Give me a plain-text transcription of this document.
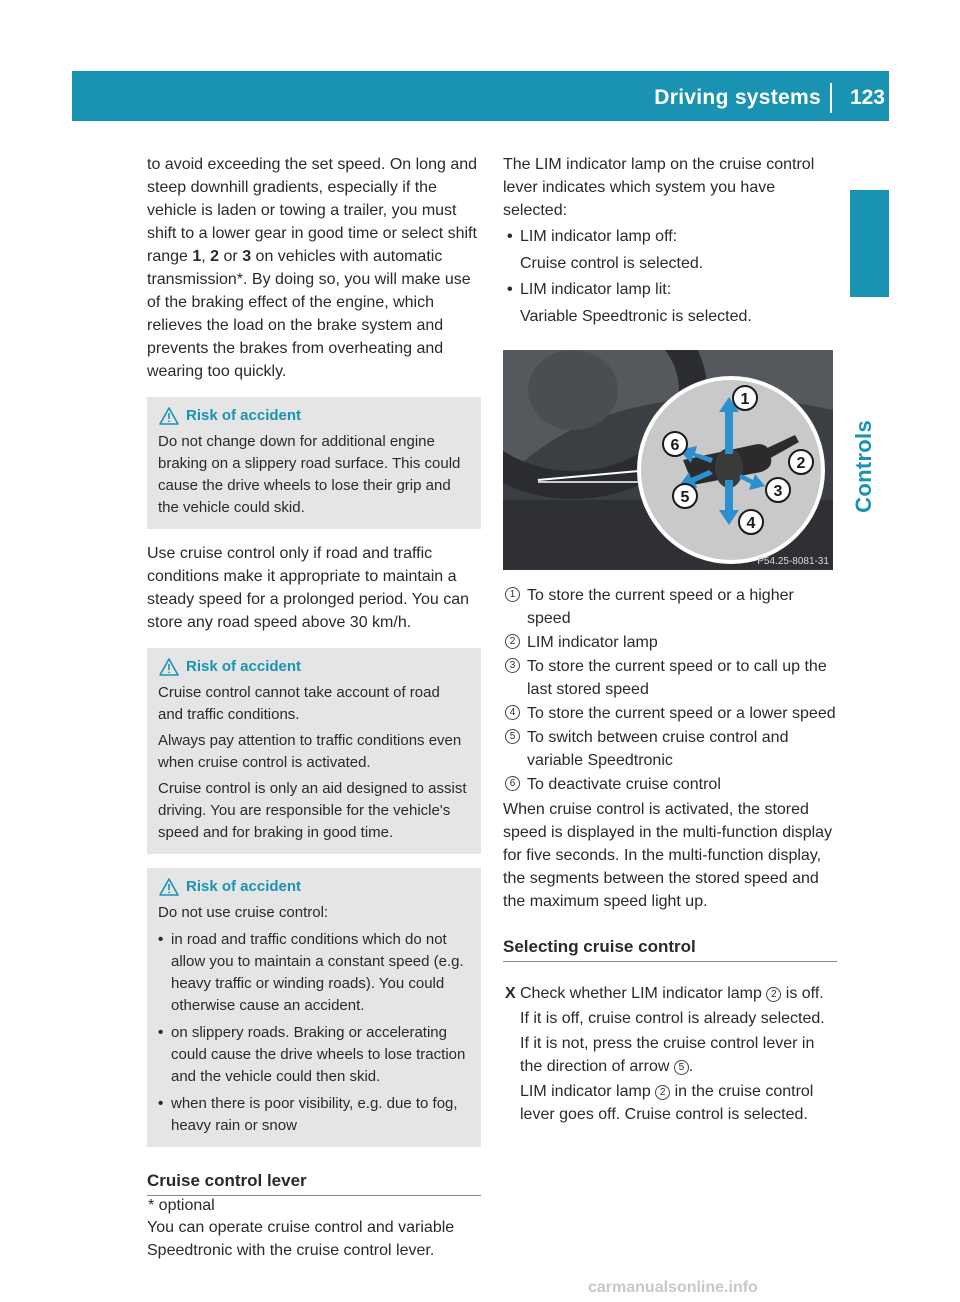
Driving systems 123
Controls

to avoid exceeding the set speed. On long and steep downhill gradients, especially if the vehicle is laden or towing a trailer, you must shift to a lower gear in good time or select shift range 1, 2 or 3 on vehicles with automatic transmission*. By doing so, you will make use of the braking effect of the engine, which relieves the load on the brake system and prevents the brakes from overheating and wearing too quickly.

Risk of accident

Do not change down for additional engine braking on a slippery road surface. This could cause the drive wheels to lose their grip and the vehicle could skid.

Use cruise control only if road and traffic conditions make it appropriate to maintain a steady speed for a prolonged period. You can store any road speed above 30 km/h.

Risk of accident

Cruise control cannot take account of road and traffic conditions.

Always pay attention to traffic conditions even when cruise control is activated.

Cruise control is only an aid designed to assist driving. You are responsible for the vehicle's speed and for braking in good time.

Risk of accident

Do not use cruise control:

• in road and traffic conditions which do not allow you to maintain a constant speed (e.g. heavy traffic or winding roads). You could otherwise cause an accident.
• on slippery roads. Braking or accelerating could cause the drive wheels to lose traction and the vehicle could then skid.
• when there is poor visibility, e.g. due to fog, heavy rain or snow
Cruise control lever

You can operate cruise control and variable Speedtronic with the cruise control lever.

The LIM indicator lamp on the cruise control lever indicates which system you have selected:

• LIM indicator lamp off:
Cruise control is selected.
• LIM indicator lamp lit:
Variable Speedtronic is selected.
1
2
3
4
5
6
P54.25-8081-31
1 To store the current speed or a higher speed
2 LIM indicator lamp
3 To store the current speed or to call up the last stored speed
4 To store the current speed or a lower speed
5 To switch between cruise control and variable Speedtronic
6 To deactivate cruise control

When cruise control is activated, the stored speed is displayed in the multi-function display for five seconds. In the multi-function display, the segments between the stored speed and the maximum speed light up.

Selecting cruise control
X Check whether LIM indicator lamp 2 is off.

If it is off, cruise control is already selected.

If it is not, press the cruise control lever in the direction of arrow 5 .

LIM indicator lamp 2 in the cruise control lever goes off. Cruise control is selected.

* optional
carmanualsonline.info
